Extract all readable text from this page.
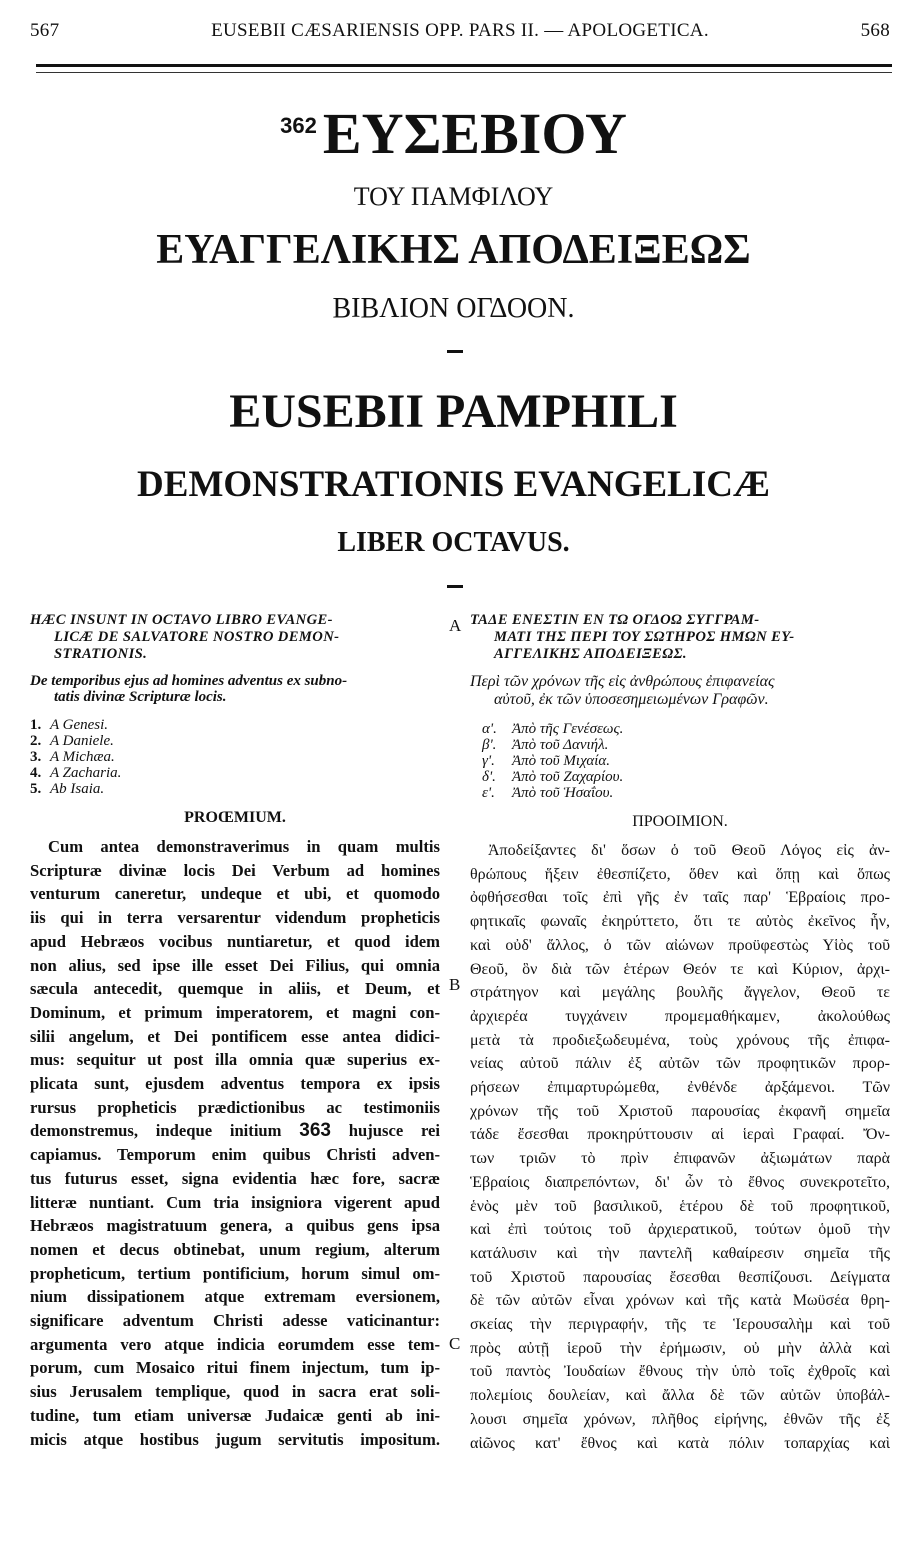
567	EUSEBII CÆSARIENSIS OPP. PARS II. — APOLOGETICA.	568
$^{362}$ ΕΥΣΕΒΙΟΥ
ΤΟΥ ΠΑΜΦΙΛΟΥ
ΕΥΑΓΓΕΛΙΚΗΣ ΑΠΟΔΕΙΞΕΩΣ
ΒΙΒΛΙΟΝ ΟΓΔΟΟΝ.
EUSEBII PAMPHILI
DEMONSTRATIONIS EVANGELICÆ
LIBER OCTAVUS.
A
B
C
HÆC INSUNT IN OCTAVO LIBRO EVANGE-
LICÆ DE SALVATORE NOSTRO DEMON-
STRATIONIS.
De temporibus ejus ad homines adventus ex subno-
tatis divinæ Scripturæ locis.
1. A Genesi.
2. A Daniele.
3. A Michæa.
4. A Zacharia.
5. Ab Isaia.
PROŒMIUM.
Cum antea demonstraverimus in quam multis
Scripturæ divinæ locis Dei Verbum ad homines
venturum caneretur, undeque et ubi, et quomodo
iis qui in terra versarentur videndum propheticis
apud Hebræos vocibus nuntiaretur, et quod idem
non alius, sed ipse ille esset Dei Filius, qui omnia
sæcula antecedit, quemque in aliis, et Deum, et
Dominum, et primum imperatorem, et magni con-
silii angelum, et Dei pontificem esse antea didici-
mus: sequitur ut post illa omnia quæ superius ex-
plicata sunt, ejusdem adventus tempora ex ipsis
rursus propheticis prædictionibus ac testimoniis
demonstremus, indeque initium 363 hujusce rei
capiamus. Temporum enim quibus Christi adven-
tus futurus esset, signa evidentia hæc fore, sacræ
litteræ nuntiant. Cum tria insigniora vigerent apud
Hebræos magistratuum genera, a quibus gens ipsa
nomen et decus obtinebat, unum regium, alterum
propheticum, tertium pontificium, horum simul om-
nium dissipationem atque extremam eversionem,
significare adventum Christi adesse vaticinantur:
argumenta vero atque indicia eorumdem esse tem-
porum, cum Mosaico ritui finem injectum, tum ip-
sius Jerusalem templique, quod in sacra erat soli-
tudine, tum etiam universæ Judaicæ genti ab ini-
micis atque hostibus jugum servitutis impositum.
ΤΑΔΕ ΕΝΕΣΤΙΝ ΕΝ ΤΩ ΟΓΔΟΩ ΣΥΓΓΡΑΜ-
ΜΑΤΙ ΤΗΣ ΠΕΡΙ ΤΟΥ ΣΩΤΗΡΟΣ ΗΜΩΝ ΕΥ-
ΑΓΓΕΛΙΚΗΣ ΑΠΟΔΕΙΞΕΩΣ.
Περὶ τῶν χρόνων τῆς εἰς ἀνθρώπους ἐπιφανείας
αὐτοῦ, ἐκ τῶν ὑποσεσημειωμένων Γραφῶν.
α'. Ἀπὸ τῆς Γενέσεως.
β'. Ἀπὸ τοῦ Δανιήλ.
γ'. Ἀπὸ τοῦ Μιχαία.
δ'. Ἀπὸ τοῦ Ζαχαρίου.
ε'. Ἀπὸ τοῦ Ἡσαΐου.
ΠΡΟΟΙΜΙΟΝ.
Ἀποδείξαντες δι' ὅσων ὁ τοῦ Θεοῦ Λόγος εἰς ἀν-
θρώπους ἥξειν ἐθεσπίζετο, ὅθεν καὶ ὅπῃ καὶ ὅπως
ὀφθήσεσθαι τοῖς ἐπὶ γῆς ἐν ταῖς παρ' Ἑβραίοις προ-
φητικαῖς φωναῖς ἐκηρύττετο, ὅτι τε αὐτὸς ἐκεῖνος ἦν,
καὶ οὐδ' ἄλλος, ὁ τῶν αἰώνων προϋφεστὼς Υἱὸς τοῦ
Θεοῦ, ὃν διὰ τῶν ἑτέρων Θεόν τε καὶ Κύριον, ἀρχι-
στράτηγον καὶ μεγάλης βουλῆς ἄγγελον, Θεοῦ τε
ἀρχιερέα τυγχάνειν προμεμαθήκαμεν, ἀκολούθως
μετὰ τὰ προδιεξωδευμένα, τοὺς χρόνους τῆς ἐπιφα-
νείας αὐτοῦ πάλιν ἐξ αὐτῶν τῶν προφητικῶν προρ-
ρήσεων ἐπιμαρτυρώμεθα, ἐνθένδε ἀρξάμενοι. Τῶν
χρόνων τῆς τοῦ Χριστοῦ παρουσίας ἐκφανῆ σημεῖα
τάδε ἔσεσθαι προκηρύττουσιν αἱ ἱεραὶ Γραφαί. Ὄν-
των τριῶν τὸ πρὶν ἐπιφανῶν ἀξιωμάτων παρὰ
Ἑβραίοις διαπρεπόντων, δι' ὧν τὸ ἔθνος συνεκροτεῖτο,
ἑνὸς μὲν τοῦ βασιλικοῦ, ἑτέρου δὲ τοῦ προφητικοῦ,
καὶ ἐπὶ τούτοις τοῦ ἀρχιερατικοῦ, τούτων ὁμοῦ τὴν
κατάλυσιν καὶ τὴν παντελῆ καθαίρεσιν σημεῖα τῆς
τοῦ Χριστοῦ παρουσίας ἔσεσθαι θεσπίζουσι. Δείγματα
δὲ τῶν αὐτῶν εἶναι χρόνων καὶ τῆς κατὰ Μωϋσέα θρη-
σκείας τὴν περιγραφήν, τῆς τε Ἱερουσαλὴμ καὶ τοῦ
πρὸς αὐτῇ ἱεροῦ τὴν ἐρήμωσιν, οὐ μὴν ἀλλὰ καὶ
τοῦ παντὸς Ἰουδαίων ἔθνους τὴν ὑπὸ τοῖς ἐχθροῖς καὶ
πολεμίοις δουλείαν, καὶ ἄλλα δὲ τῶν αὐτῶν ὑποβάλ-
λουσι σημεῖα χρόνων, πλῆθος εἰρήνης, ἐθνῶν τῆς ἐξ
αἰῶνος κατ' ἔθνος καὶ κατὰ πόλιν τοπαρχίας καὶ
